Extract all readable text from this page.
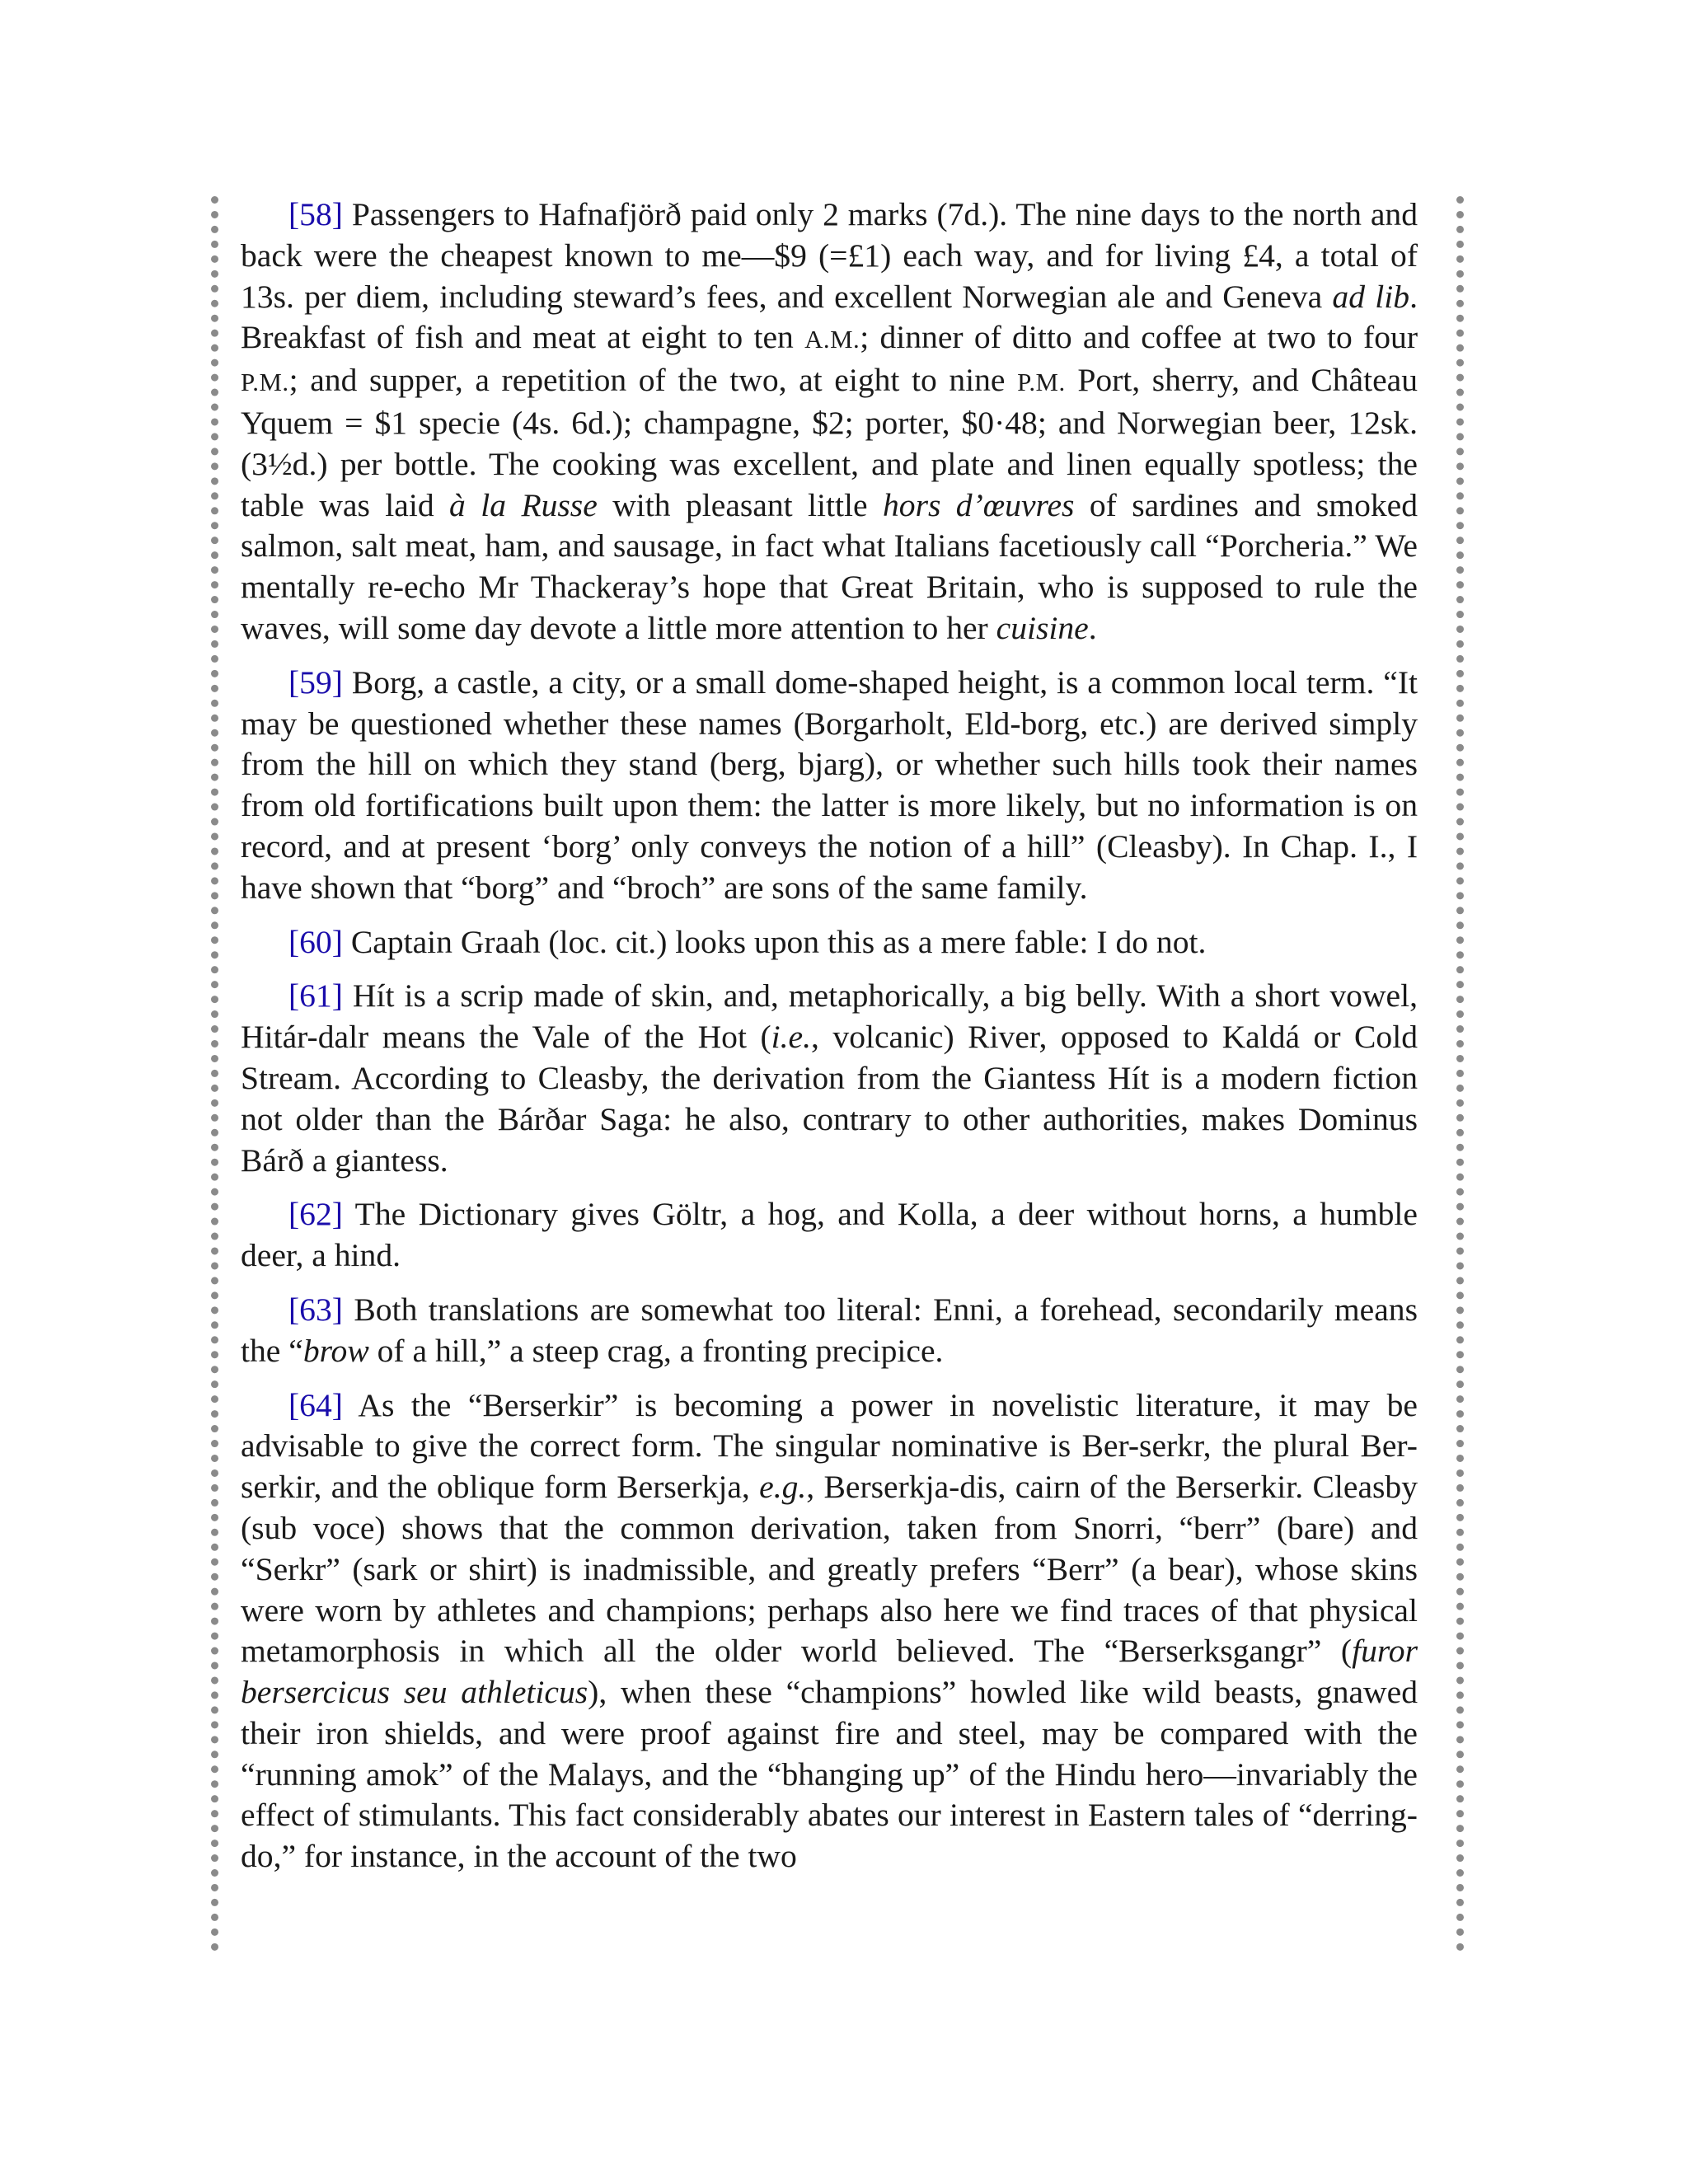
[58] Passengers to Hafnafjörð paid only 2 marks (7d.). The nine days to the north and back were the cheapest known to me—$9 (=£1) each way, and for living £4, a total of 13s. per diem, including steward’s fees, and excellent Norwegian ale and Geneva ad lib. Breakfast of fish and meat at eight to ten A.M.; dinner of ditto and coffee at two to four P.M.; and supper, a repetition of the two, at eight to nine P.M. Port, sherry, and Château Yquem = $1 specie (4s. 6d.); champagne, $2; porter, $0·48; and Norwegian beer, 12sk. (3½d.) per bottle. The cooking was excellent, and plate and linen equally spotless; the table was laid à la Russe with pleasant little hors d’œuvres of sardines and smoked salmon, salt meat, ham, and sausage, in fact what Italians facetiously call “Porcheria.” We mentally re-echo Mr Thackeray’s hope that Great Britain, who is supposed to rule the waves, will some day devote a little more attention to her cuisine.

[59] Borg, a castle, a city, or a small dome-shaped height, is a common local term. “It may be questioned whether these names (Borgarholt, Eld-borg, etc.) are derived simply from the hill on which they stand (berg, bjarg), or whether such hills took their names from old fortifications built upon them: the latter is more likely, but no information is on record, and at present ‘borg’ only conveys the notion of a hill” (Cleasby). In Chap. I., I have shown that “borg” and “broch” are sons of the same family.

[60] Captain Graah (loc. cit.) looks upon this as a mere fable: I do not.

[61] Hít is a scrip made of skin, and, metaphorically, a big belly. With a short vowel, Hitár-dalr means the Vale of the Hot (i.e., volcanic) River, opposed to Kaldá or Cold Stream. According to Cleasby, the derivation from the Giantess Hít is a modern fiction not older than the Bárðar Saga: he also, contrary to other authorities, makes Dominus Bárð a giantess.

[62] The Dictionary gives Göltr, a hog, and Kolla, a deer without horns, a humble deer, a hind.

[63] Both translations are somewhat too literal: Enni, a forehead, secondarily means the “brow of a hill,” a steep crag, a fronting precipice.

[64] As the “Berserkir” is becoming a power in novelistic literature, it may be advisable to give the correct form. The singular nominative is Ber-serkr, the plural Ber-serkir, and the oblique form Berserkja, e.g., Berserkja-dis, cairn of the Berserkir. Cleasby (sub voce) shows that the common derivation, taken from Snorri, “berr” (bare) and “Serkr” (sark or shirt) is inadmissible, and greatly prefers “Berr” (a bear), whose skins were worn by athletes and champions; perhaps also here we find traces of that physical metamorphosis in which all the older world believed. The “Berserksgangr” (furor bersercicus seu athleticus), when these “champions” howled like wild beasts, gnawed their iron shields, and were proof against fire and steel, may be compared with the “running amok” of the Malays, and the “bhanging up” of the Hindu hero—invariably the effect of stimulants. This fact considerably abates our interest in Eastern tales of “derring-do,” for instance, in the account of the two
